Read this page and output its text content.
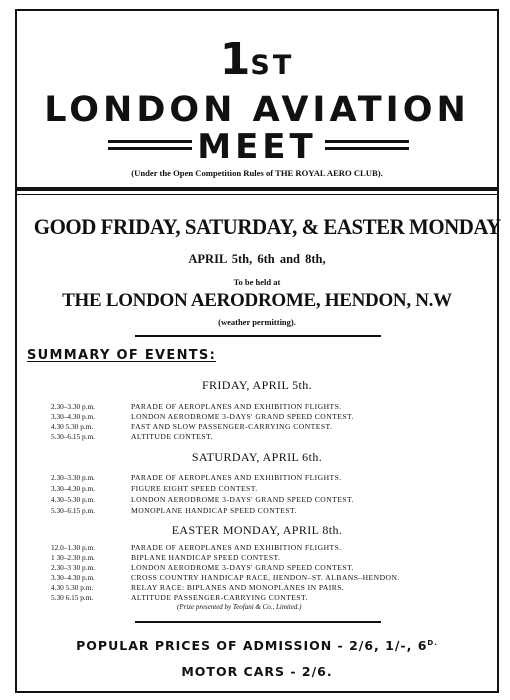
1ST
LONDON AVIATION
MEET
(Under the Open Competition Rules of THE ROYAL AERO CLUB).
GOOD FRIDAY, SATURDAY, & EASTER MONDAY
APRIL 5th, 6th and 8th,
To be held at
THE LONDON AERODROME, HENDON, N.W
(weather permitting).
SUMMARY OF EVENTS:
FRIDAY, APRIL 5th.
2.30–3.30 p.m.	PARADE OF AEROPLANES AND EXHIBITION FLIGHTS.
3.30–4.30 p.m.	LONDON AERODROME 3-DAYS' GRAND SPEED CONTEST.
4.30 5.30 p.m.	FAST AND SLOW PASSENGER-CARRYING CONTEST.
5.30–6.15 p.m.	ALTITUDE CONTEST.
SATURDAY, APRIL 6th.
2.30–3.30 p.m.	PARADE OF AEROPLANES AND EXHIBITION FLIGHTS.
3.30–4.30 p.m.	FIGURE EIGHT SPEED CONTEST.
4.30–5.30 p.m.	LONDON AERODROME 3-DAYS' GRAND SPEED CONTEST.
5.30–6.15 p.m.	MONOPLANE HANDICAP SPEED CONTEST.
EASTER MONDAY, APRIL 8th.
12.0–1.30 p.m.	PARADE OF AEROPLANES AND EXHIBITION FLIGHTS.
1 30–2.30 p.m.	BIPLANE HANDICAP SPEED CONTEST.
2.30–3 30 p.m.	LONDON AERODROME 3-DAYS' GRAND SPEED CONTEST.
3.30–4.30 p.m.	CROSS COUNTRY HANDICAP RACE, HENDON–ST. ALBANS–HENDON.
4.30 5.30 p.m.	RELAY RACE: BIPLANES AND MONOPLANES IN PAIRS.
5.30 6.15 p.m.	ALTITUDE PASSENGER-CARRYING CONTEST.
(Prize presented by Teofani & Co., Limited.)
POPULAR PRICES OF ADMISSION - 2/6, 1/-, $6^{D.}$
MOTOR CARS - 2/6.
